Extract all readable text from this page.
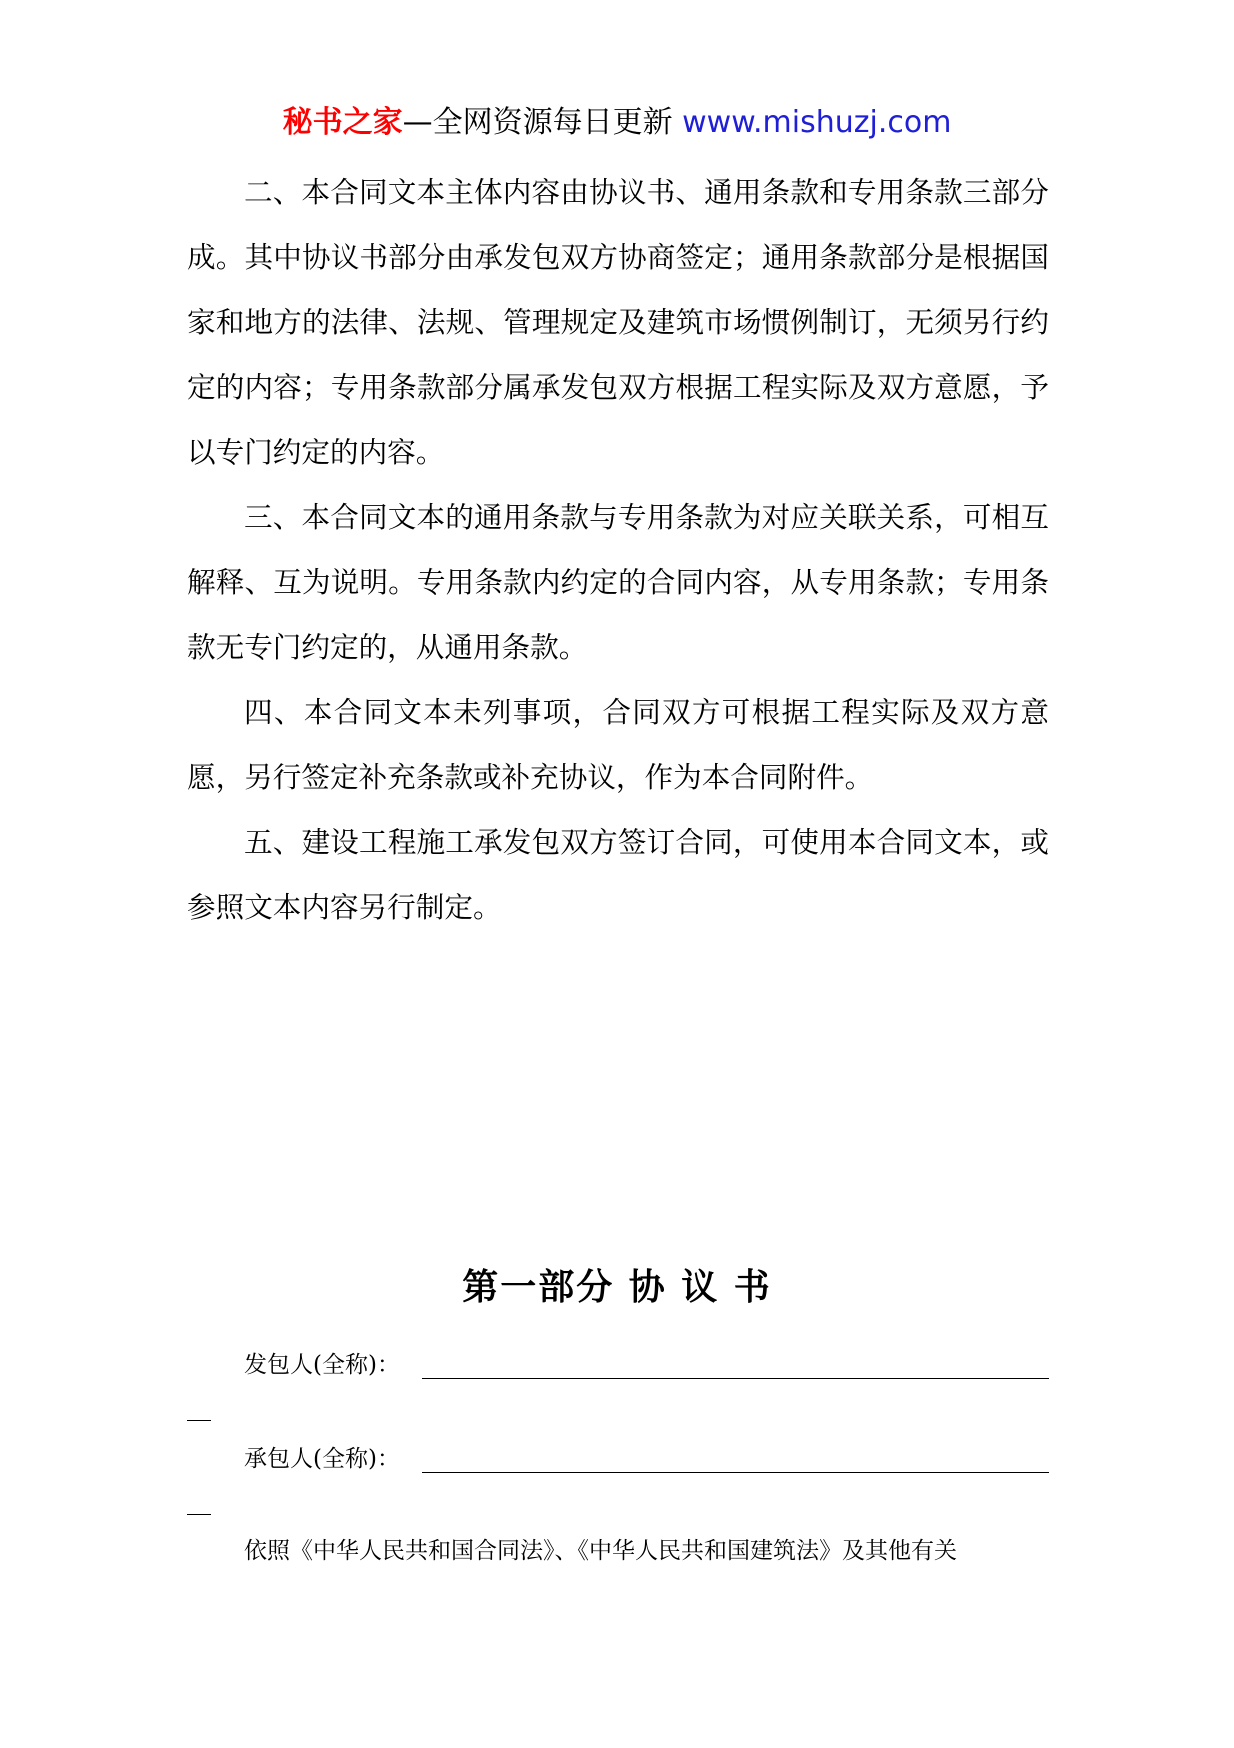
秘书之家—全网资源每日更新 www.mishuzj.com

二、本合同文本主体内容由协议书、通用条款和专用条款三部分成。其中协议书部分由承发包双方协商签定；通用条款部分是根据国家和地方的法律、法规、管理规定及建筑市场惯例制订，无须另行约定的内容；专用条款部分属承发包双方根据工程实际及双方意愿，予以专门约定的内容。

三、本合同文本的通用条款与专用条款为对应关联关系，可相互解释、互为说明。专用条款内约定的合同内容，从专用条款；专用条款无专门约定的，从通用条款。

四、本合同文本未列事项，合同双方可根据工程实际及双方意愿，另行签定补充条款或补充协议，作为本合同附件。

五、建设工程施工承发包双方签订合同，可使用本合同文本，或参照文本内容另行制定。

第一部分 协 议 书
发包人(全称)：
承包人(全称)：
依照《中华人民共和国合同法》、《中华人民共和国建筑法》及其他有关
